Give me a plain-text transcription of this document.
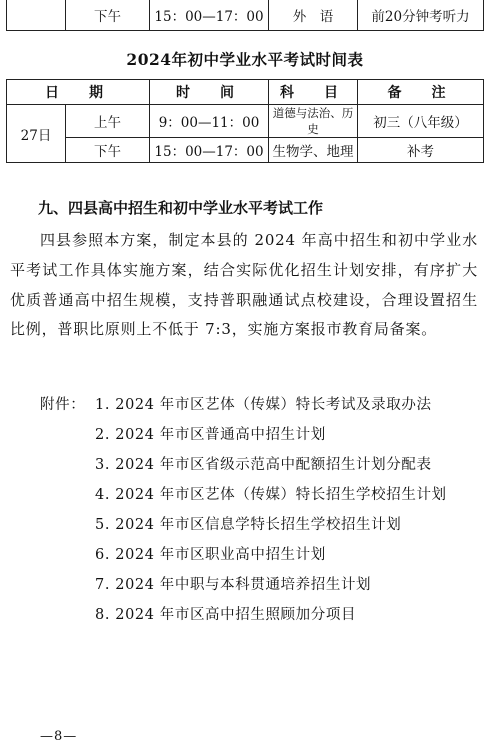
	下午	15：00—17：00	外　语	前20分钟考听力
2024年初中学业水平考试时间表
日　期		时　间	科　目	备　注
27日	上午	9：00—11：00	道德与法治、历史	初三（八年级）
	下午	15：00—17：00	生物学、地理	补考
九、四县高中招生和初中学业水平考试工作
四县参照本方案，制定本县的 2024 年高中招生和初中学业水平考试工作具体实施方案，结合实际优化招生计划安排，有序扩大优质普通高中招生规模，支持普职融通试点校建设，合理设置招生比例，普职比原则上不低于 7:3，实施方案报市教育局备案。
附件： 1. 2024 年市区艺体（传媒）特长考试及录取办法
2. 2024 年市区普通高中招生计划
3. 2024 年市区省级示范高中配额招生计划分配表
4. 2024 年市区艺体（传媒）特长招生学校招生计划
5. 2024 年市区信息学特长招生学校招生计划
6. 2024 年市区职业高中招生计划
7. 2024 年中职与本科贯通培养招生计划
8. 2024 年市区高中招生照顾加分项目
—8—
